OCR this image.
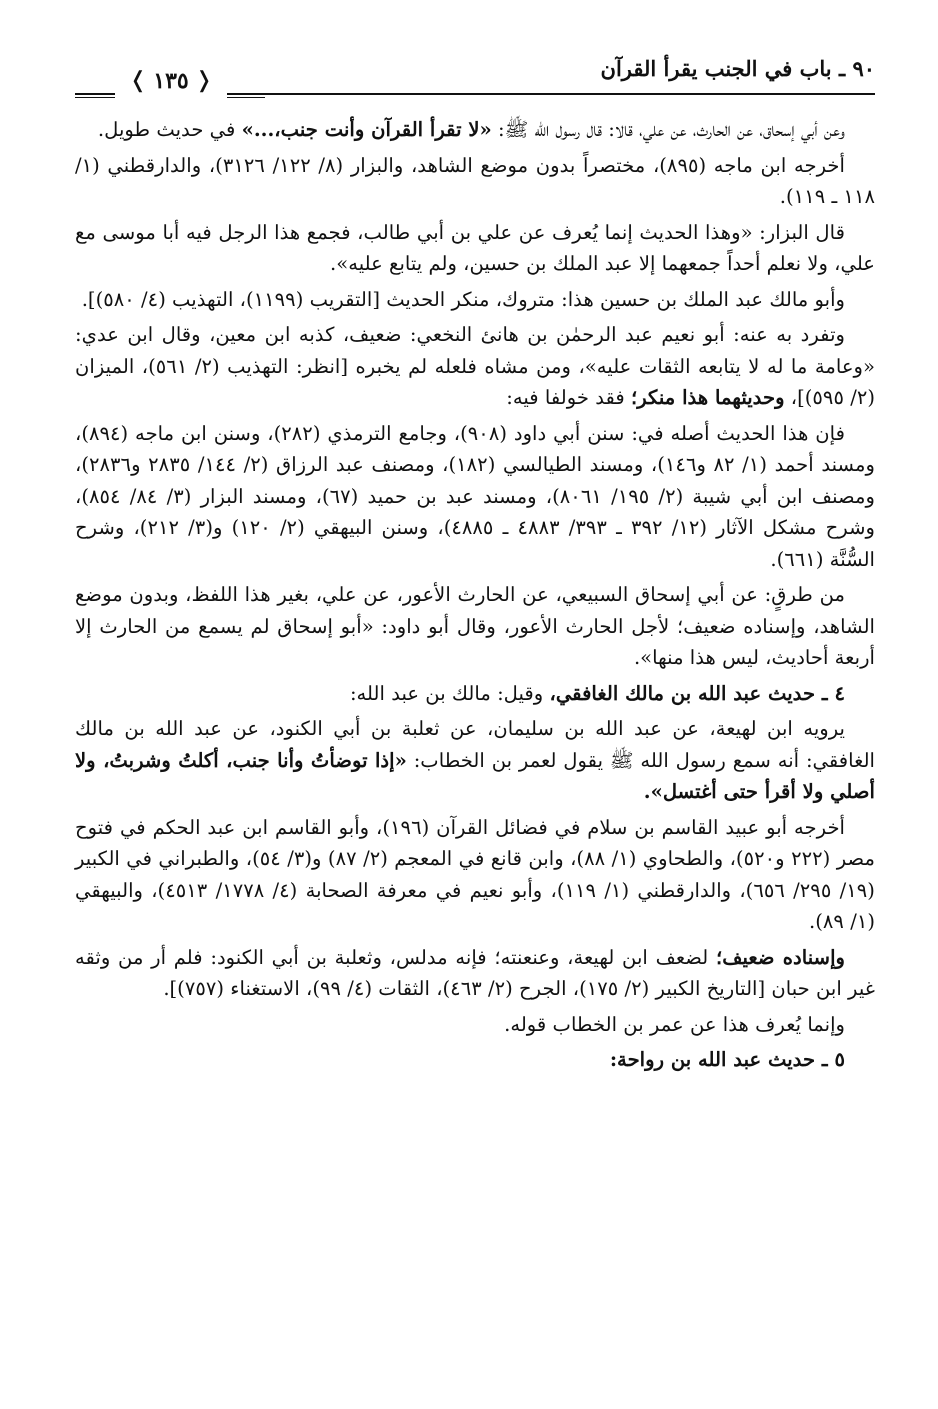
٩٠ ـ باب في الجنب يقرأ القرآن
❬
١٣٥
❭

وعن أبي إسحاق، عن الحارث، عن علي، قالا: قال رسول الله ﷺ: «لا تقرأ القرآن وأنت جنب،...» في حديث طويل.

أخرجه ابن ماجه (٨٩٥)، مختصراً بدون موضع الشاهد، والبزار (٨/ ١٢٢/ ٣١٢٦)، والدارقطني (١/ ١١٨ ـ ١١٩).

قال البزار: «وهذا الحديث إنما يُعرف عن علي بن أبي طالب، فجمع هذا الرجل فيه أبا موسى مع علي، ولا نعلم أحداً جمعهما إلا عبد الملك بن حسين، ولم يتابع عليه».

وأبو مالك عبد الملك بن حسين هذا: متروك، منكر الحديث [التقريب (١١٩٩)، التهذيب (٤/ ٥٨٠)].

وتفرد به عنه: أبو نعيم عبد الرحمٰن بن هانئ النخعي: ضعيف، كذبه ابن معين، وقال ابن عدي: «وعامة ما له لا يتابعه الثقات عليه»، ومن مشاه فلعله لم يخبره [انظر: التهذيب (٢/ ٥٦١)، الميزان (٢/ ٥٩٥)]، وحديثهما هذا منكر؛ فقد خولفا فيه:

فإن هذا الحديث أصله في: سنن أبي داود (٩٠٨)، وجامع الترمذي (٢٨٢)، وسنن ابن ماجه (٨٩٤)، ومسند أحمد (١/ ٨٢ و١٤٦)، ومسند الطيالسي (١٨٢)، ومصنف عبد الرزاق (٢/ ١٤٤/ ٢٨٣٥ و٢٨٣٦)، ومصنف ابن أبي شيبة (٢/ ١٩٥/ ٨٠٦١)، ومسند عبد بن حميد (٦٧)، ومسند البزار (٣/ ٨٤/ ٨٥٤)، وشرح مشكل الآثار (١٢/ ٣٩٢ ـ ٣٩٣/ ٤٨٨٣ ـ ٤٨٨٥)، وسنن البيهقي (٢/ ١٢٠) و(٣/ ٢١٢)، وشرح السُّنَّة (٦٦١).

من طرقٍ: عن أبي إسحاق السبيعي، عن الحارث الأعور، عن علي، بغير هذا اللفظ، وبدون موضع الشاهد، وإسناده ضعيف؛ لأجل الحارث الأعور، وقال أبو داود: «أبو إسحاق لم يسمع من الحارث إلا أربعة أحاديث، ليس هذا منها».

٤ ـ حديث عبد الله بن مالك الغافقي، وقيل: مالك بن عبد الله:

يرويه ابن لهيعة، عن عبد الله بن سليمان، عن ثعلبة بن أبي الكنود، عن عبد الله بن مالك الغافقي: أنه سمع رسول الله ﷺ يقول لعمر بن الخطاب: «إذا توضأتُ وأنا جنب، أكلتُ وشربتُ، ولا أصلي ولا أقرأ حتى أغتسل».

أخرجه أبو عبيد القاسم بن سلام في فضائل القرآن (١٩٦)، وأبو القاسم ابن عبد الحكم في فتوح مصر (٢٢٢ و٥٢٠)، والطحاوي (١/ ٨٨)، وابن قانع في المعجم (٢/ ٨٧) و(٣/ ٥٤)، والطبراني في الكبير (١٩/ ٢٩٥/ ٦٥٦)، والدارقطني (١/ ١١٩)، وأبو نعيم في معرفة الصحابة (٤/ ١٧٧٨/ ٤٥١٣)، والبيهقي (١/ ٨٩).

وإسناده ضعيف؛ لضعف ابن لهيعة، وعنعنته؛ فإنه مدلس، وثعلبة بن أبي الكنود: فلم أر من وثقه غير ابن حبان [التاريخ الكبير (٢/ ١٧٥)، الجرح (٢/ ٤٦٣)، الثقات (٤/ ٩٩)، الاستغناء (٧٥٧)].

وإنما يُعرف هذا عن عمر بن الخطاب قوله.

٥ ـ حديث عبد الله بن رواحة:
